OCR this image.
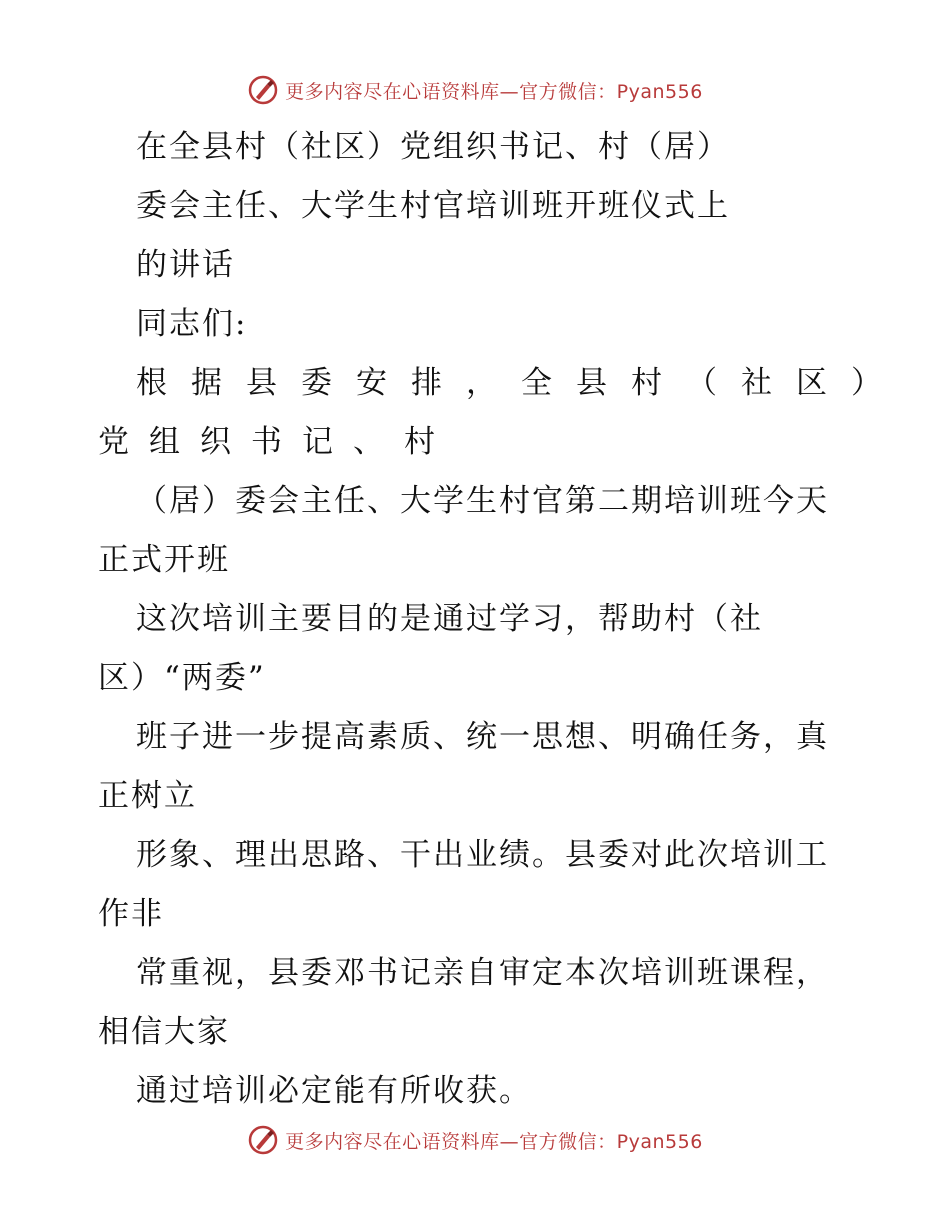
更多内容尽在心语资料库—官方微信：Pyan556
在全县村（社区）党组织书记、村（居）
委会主任、大学生村官培训班开班仪式上
的讲话
同志们:
根据县委安排，全县村（社区）
党组织书记、村
（居）委会主任、大学生村官第二期培训班今天
正式开班
这次培训主要目的是通过学习，帮助村（社
区）“两委”
班子进一步提高素质、统一思想、明确任务，真
正树立
形象、理出思路、干出业绩。县委对此次培训工
作非
常重视，县委邓书记亲自审定本次培训班课程，
相信大家
通过培训必定能有所收获。
更多内容尽在心语资料库—官方微信：Pyan556
